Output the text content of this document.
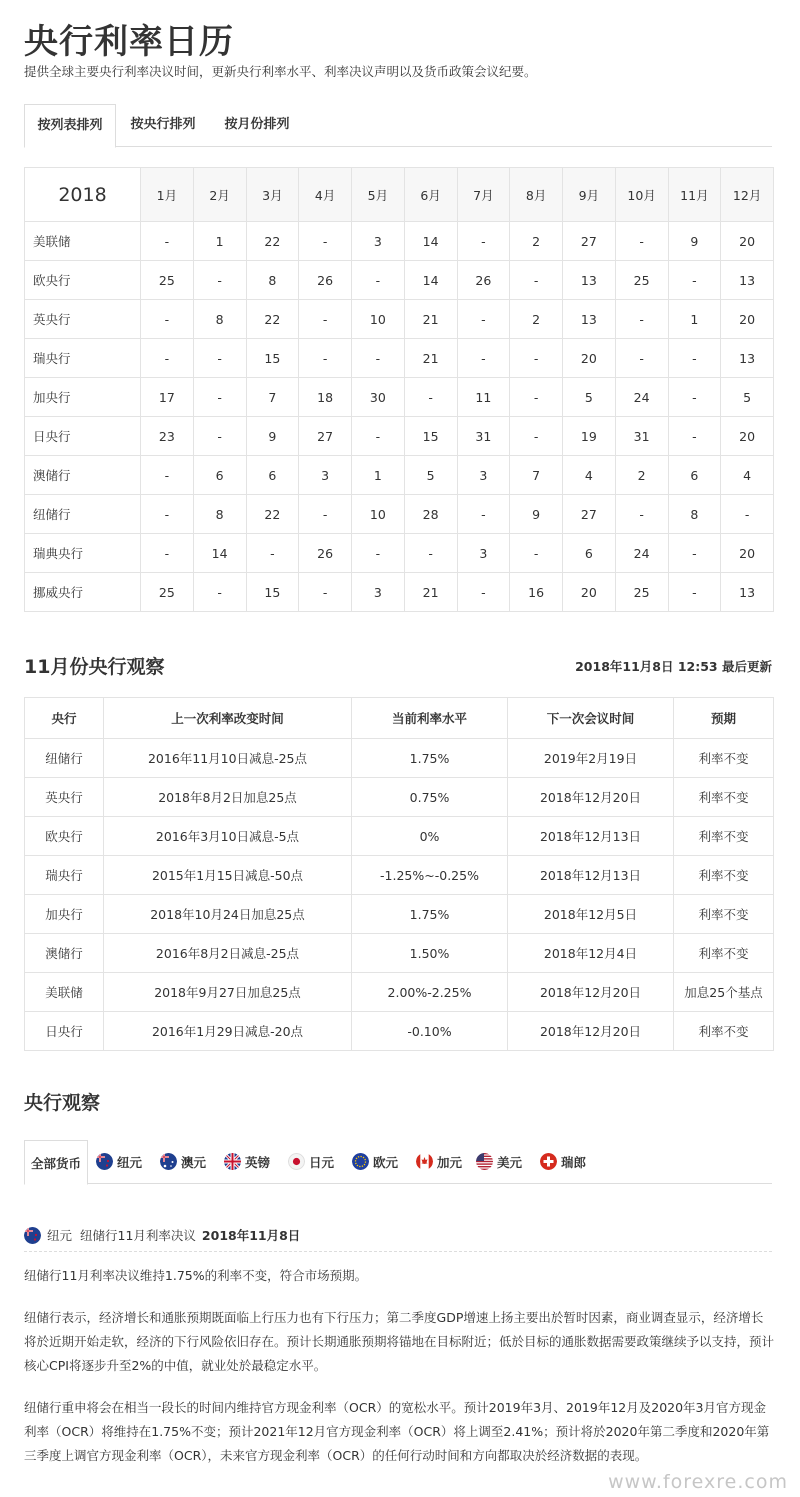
央行利率日历
提供全球主要央行利率决议时间，更新央行利率水平、利率决议声明以及货币政策会议纪要。
按列表排列	按央行排列	按月份排列
2018	1月	2月	3月	4月	5月	6月	7月	8月	9月	10月	11月	12月
美联储	-	1	22	-	3	14	-	2	27	-	9	20
欧央行	25	-	8	26	-	14	26	-	13	25	-	13
英央行	-	8	22	-	10	21	-	2	13	-	1	20
瑞央行	-	-	15	-	-	21	-	-	20	-	-	13
加央行	17	-	7	18	30	-	11	-	5	24	-	5
日央行	23	-	9	27	-	15	31	-	19	31	-	20
澳储行	-	6	6	3	1	5	3	7	4	2	6	4
纽储行	-	8	22	-	10	28	-	9	27	-	8	-
瑞典央行	-	14	-	26	-	-	3	-	6	24	-	20
挪威央行	25	-	15	-	3	21	-	16	20	25	-	13
11月份央行观察	2018年11月8日 12:53 最后更新
央行	上一次利率改变时间	当前利率水平	下一次会议时间	预期
纽储行	2016年11月10日减息-25点	1.75%	2019年2月19日	利率不变
英央行	2018年8月2日加息25点	0.75%	2018年12月20日	利率不变
欧央行	2016年3月10日减息-5点	0%	2018年12月13日	利率不变
瑞央行	2015年1月15日减息-50点	-1.25%~-0.25%	2018年12月13日	利率不变
加央行	2018年10月24日加息25点	1.75%	2018年12月5日	利率不变
澳储行	2016年8月2日减息-25点	1.50%	2018年12月4日	利率不变
美联储	2018年9月27日加息25点	2.00%-2.25%	2018年12月20日	加息25个基点
日央行	2016年1月29日减息-20点	-0.10%	2018年12月20日	利率不变
央行观察
全部货币	纽元	澳元	英镑	日元	欧元	加元	美元	瑞郎
纽元 纽储行11月利率决议 2018年11月8日

纽储行11月利率决议维持1.75%的利率不变，符合市场预期。

纽储行表示，经济增长和通胀预期既面临上行压力也有下行压力；第二季度GDP增速上扬主要出於暂时因素，商业调查显示，经济增长将於近期开始走软，经济的下行风险依旧存在。预计长期通胀预期将锚地在目标附近；低於目标的通胀数据需要政策继续予以支持，预计核心CPI将逐步升至2%的中值，就业处於最稳定水平。

纽储行重申将会在相当一段长的时间内维持官方现金利率（OCR）的宽松水平。预计2019年3月、2019年12月及2020年3月官方现金利率（OCR）将维持在1.75%不变；预计2021年12月官方现金利率（OCR）将上调至2.41%；预计将於2020年第二季度和2020年第三季度上调官方现金利率（OCR），未来官方现金利率（OCR）的任何行动时间和方向都取决於经济数据的表现。

www.forexre.com
